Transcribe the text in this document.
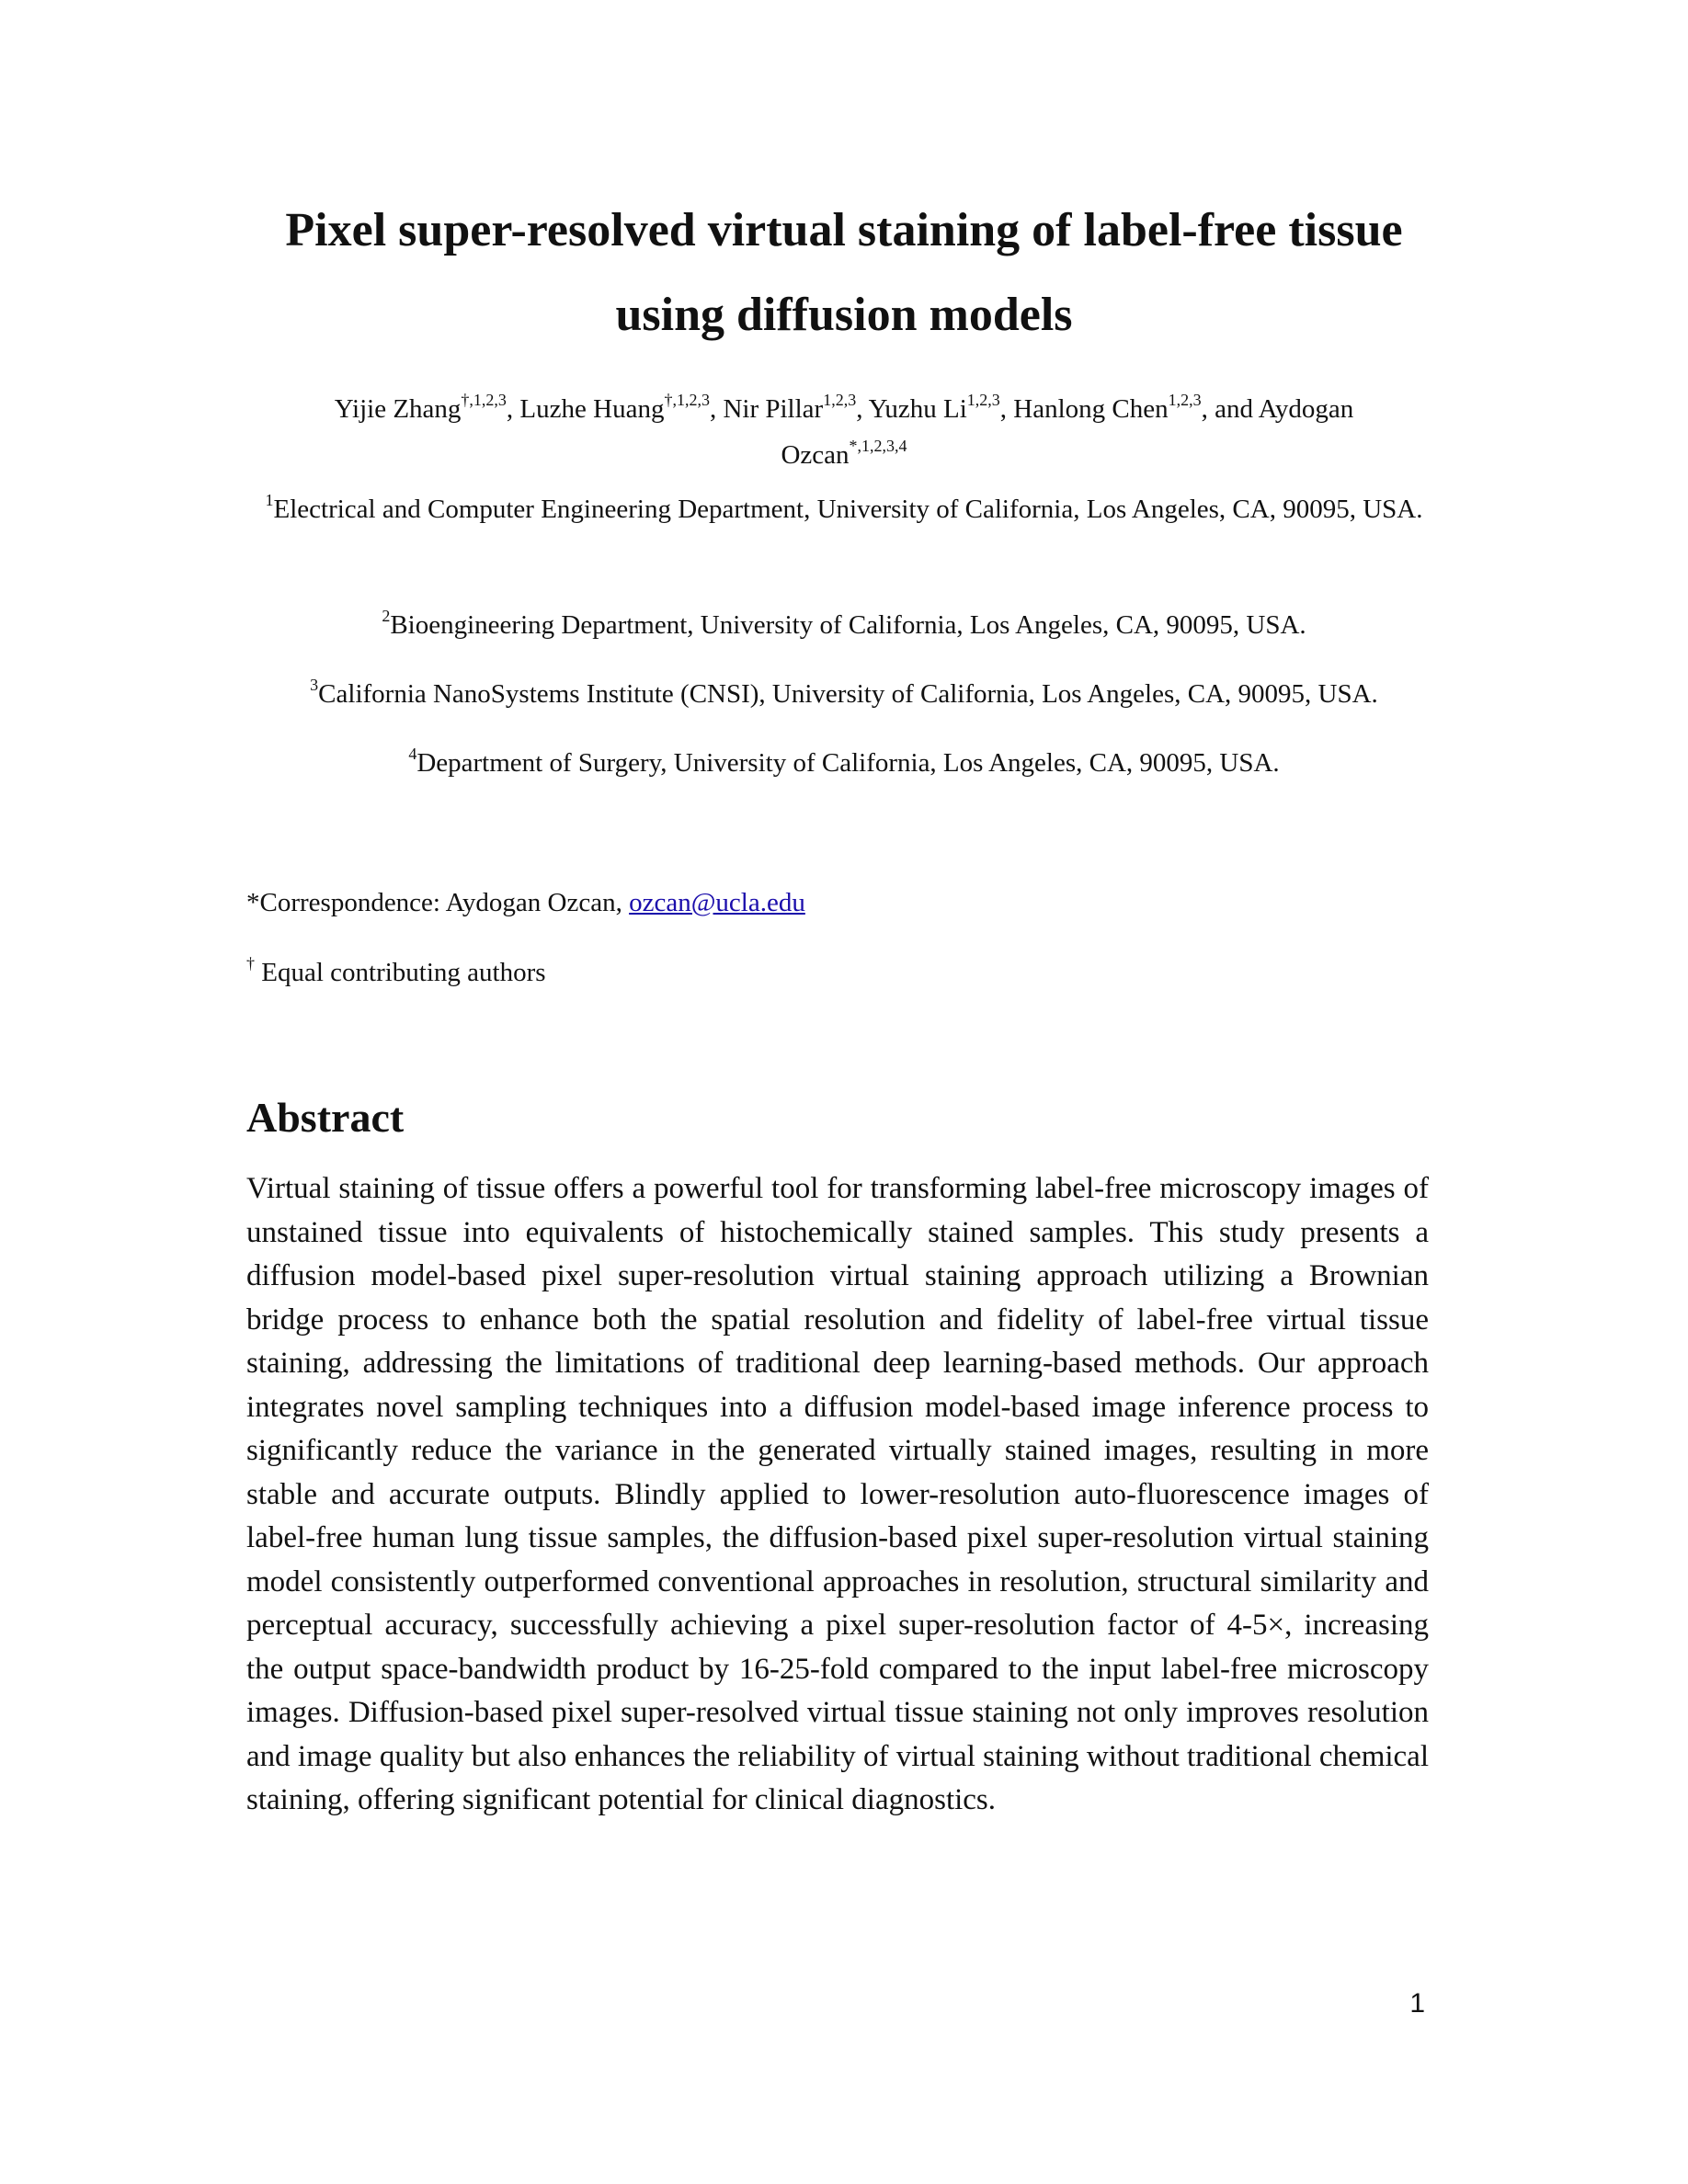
Pixel super-resolved virtual staining of label-free tissue
using diffusion models

Yijie Zhang$^{\dagger,1,2,3}$, Luzhe Huang$^{\dagger,1,2,3}$, Nir Pillar$^{1,2,3}$, Yuzhu Li$^{1,2,3}$, Hanlong Chen$^{1,2,3}$, and Aydogan Ozcan$^{*,1,2,3,4}$

$^1$Electrical and Computer Engineering Department, University of California, Los Angeles, CA, 90095, USA.

$^2$Bioengineering Department, University of California, Los Angeles, CA, 90095, USA.

$^3$California NanoSystems Institute (CNSI), University of California, Los Angeles, CA, 90095, USA.

$^4$Department of Surgery, University of California, Los Angeles, CA, 90095, USA.

*Correspondence: Aydogan Ozcan, ozcan@ucla.edu

† Equal contributing authors

Abstract

Virtual staining of tissue offers a powerful tool for transforming label-free microscopy images of unstained tissue into equivalents of histochemically stained samples. This study presents a diffusion model-based pixel super-resolution virtual staining approach utilizing a Brownian bridge process to enhance both the spatial resolution and fidelity of label-free virtual tissue staining, addressing the limitations of traditional deep learning-based methods. Our approach integrates novel sampling techniques into a diffusion model-based image inference process to significantly reduce the variance in the generated virtually stained images, resulting in more stable and accurate outputs. Blindly applied to lower-resolution auto-fluorescence images of label-free human lung tissue samples, the diffusion-based pixel super-resolution virtual staining model consistently outperformed conventional approaches in resolution, structural similarity and perceptual accuracy, successfully achieving a pixel super-resolution factor of 4-5×, increasing the output space-bandwidth product by 16-25-fold compared to the input label-free microscopy images. Diffusion-based pixel super-resolved virtual tissue staining not only improves resolution and image quality but also enhances the reliability of virtual staining without traditional chemical staining, offering significant potential for clinical diagnostics.

1
